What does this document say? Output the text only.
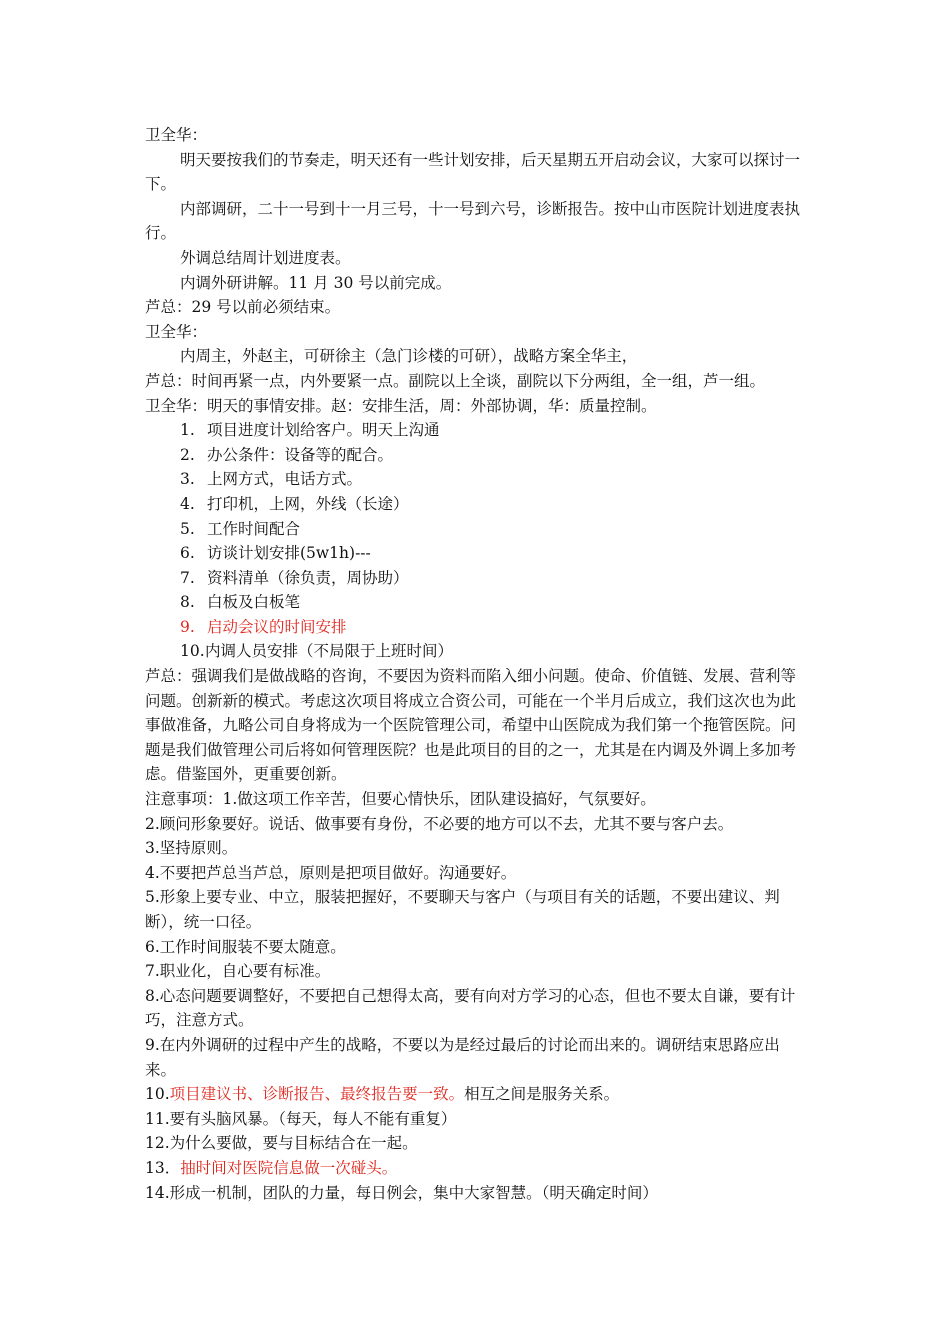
卫全华：

明天要按我们的节奏走，明天还有一些计划安排，后天星期五开启动会议，大家可以探讨一下。

内部调研，二十一号到十一月三号，十一号到六号，诊断报告。按中山市医院计划进度表执行。

外调总结周计划进度表。

内调外研讲解。11 月 30 号以前完成。

芦总：29 号以前必须结束。

卫全华：

内周主，外赵主，可研徐主（急门诊楼的可研），战略方案全华主，

芦总：时间再紧一点，内外要紧一点。副院以上全谈，副院以下分两组，全一组，芦一组。

卫全华：明天的事情安排。赵：安排生活，周：外部协调，华：质量控制。

1. 项目进度计划给客户。明天上沟通
2. 办公条件：设备等的配合。
3. 上网方式，电话方式。
4. 打印机，上网，外线（长途）
5. 工作时间配合
6. 访谈计划安排(5w1h)---
7. 资料清单（徐负责，周协助）
8. 白板及白板笔
9. 启动会议的时间安排
10. 内调人员安排（不局限于上班时间）

芦总：强调我们是做战略的咨询，不要因为资料而陷入细小问题。使命、价值链、发展、营利等问题。创新新的模式。考虑这次项目将成立合资公司，可能在一个半月后成立，我们这次也为此事做准备，九略公司自身将成为一个医院管理公司，希望中山医院成为我们第一个拖管医院。问题是我们做管理公司后将如何管理医院？也是此项目的目的之一，尤其是在内调及外调上多加考虑。借鉴国外，更重要创新。

注意事项：1.做这项工作辛苦，但要心情快乐，团队建设搞好，气氛要好。

2.顾问形象要好。说话、做事要有身份，不必要的地方可以不去，尤其不要与客户去。

3.坚持原则。

4.不要把芦总当芦总，原则是把项目做好。沟通要好。

5.形象上要专业、中立，服装把握好，不要聊天与客户（与项目有关的话题，不要出建议、判断），统一口径。

6.工作时间服装不要太随意。

7.职业化，自心要有标准。

8.心态问题要调整好，不要把自己想得太高，要有向对方学习的心态，但也不要太自谦，要有计巧，注意方式。

9.在内外调研的过程中产生的战略，不要以为是经过最后的讨论而出来的。调研结束思路应出来。

10.项目建议书、诊断报告、最终报告要一致。相互之间是服务关系。

11.要有头脑风暴。（每天，每人不能有重复）

12.为什么要做，要与目标结合在一起。

13．抽时间对医院信息做一次碰头。

14.形成一机制，团队的力量，每日例会，集中大家智慧。（明天确定时间）
